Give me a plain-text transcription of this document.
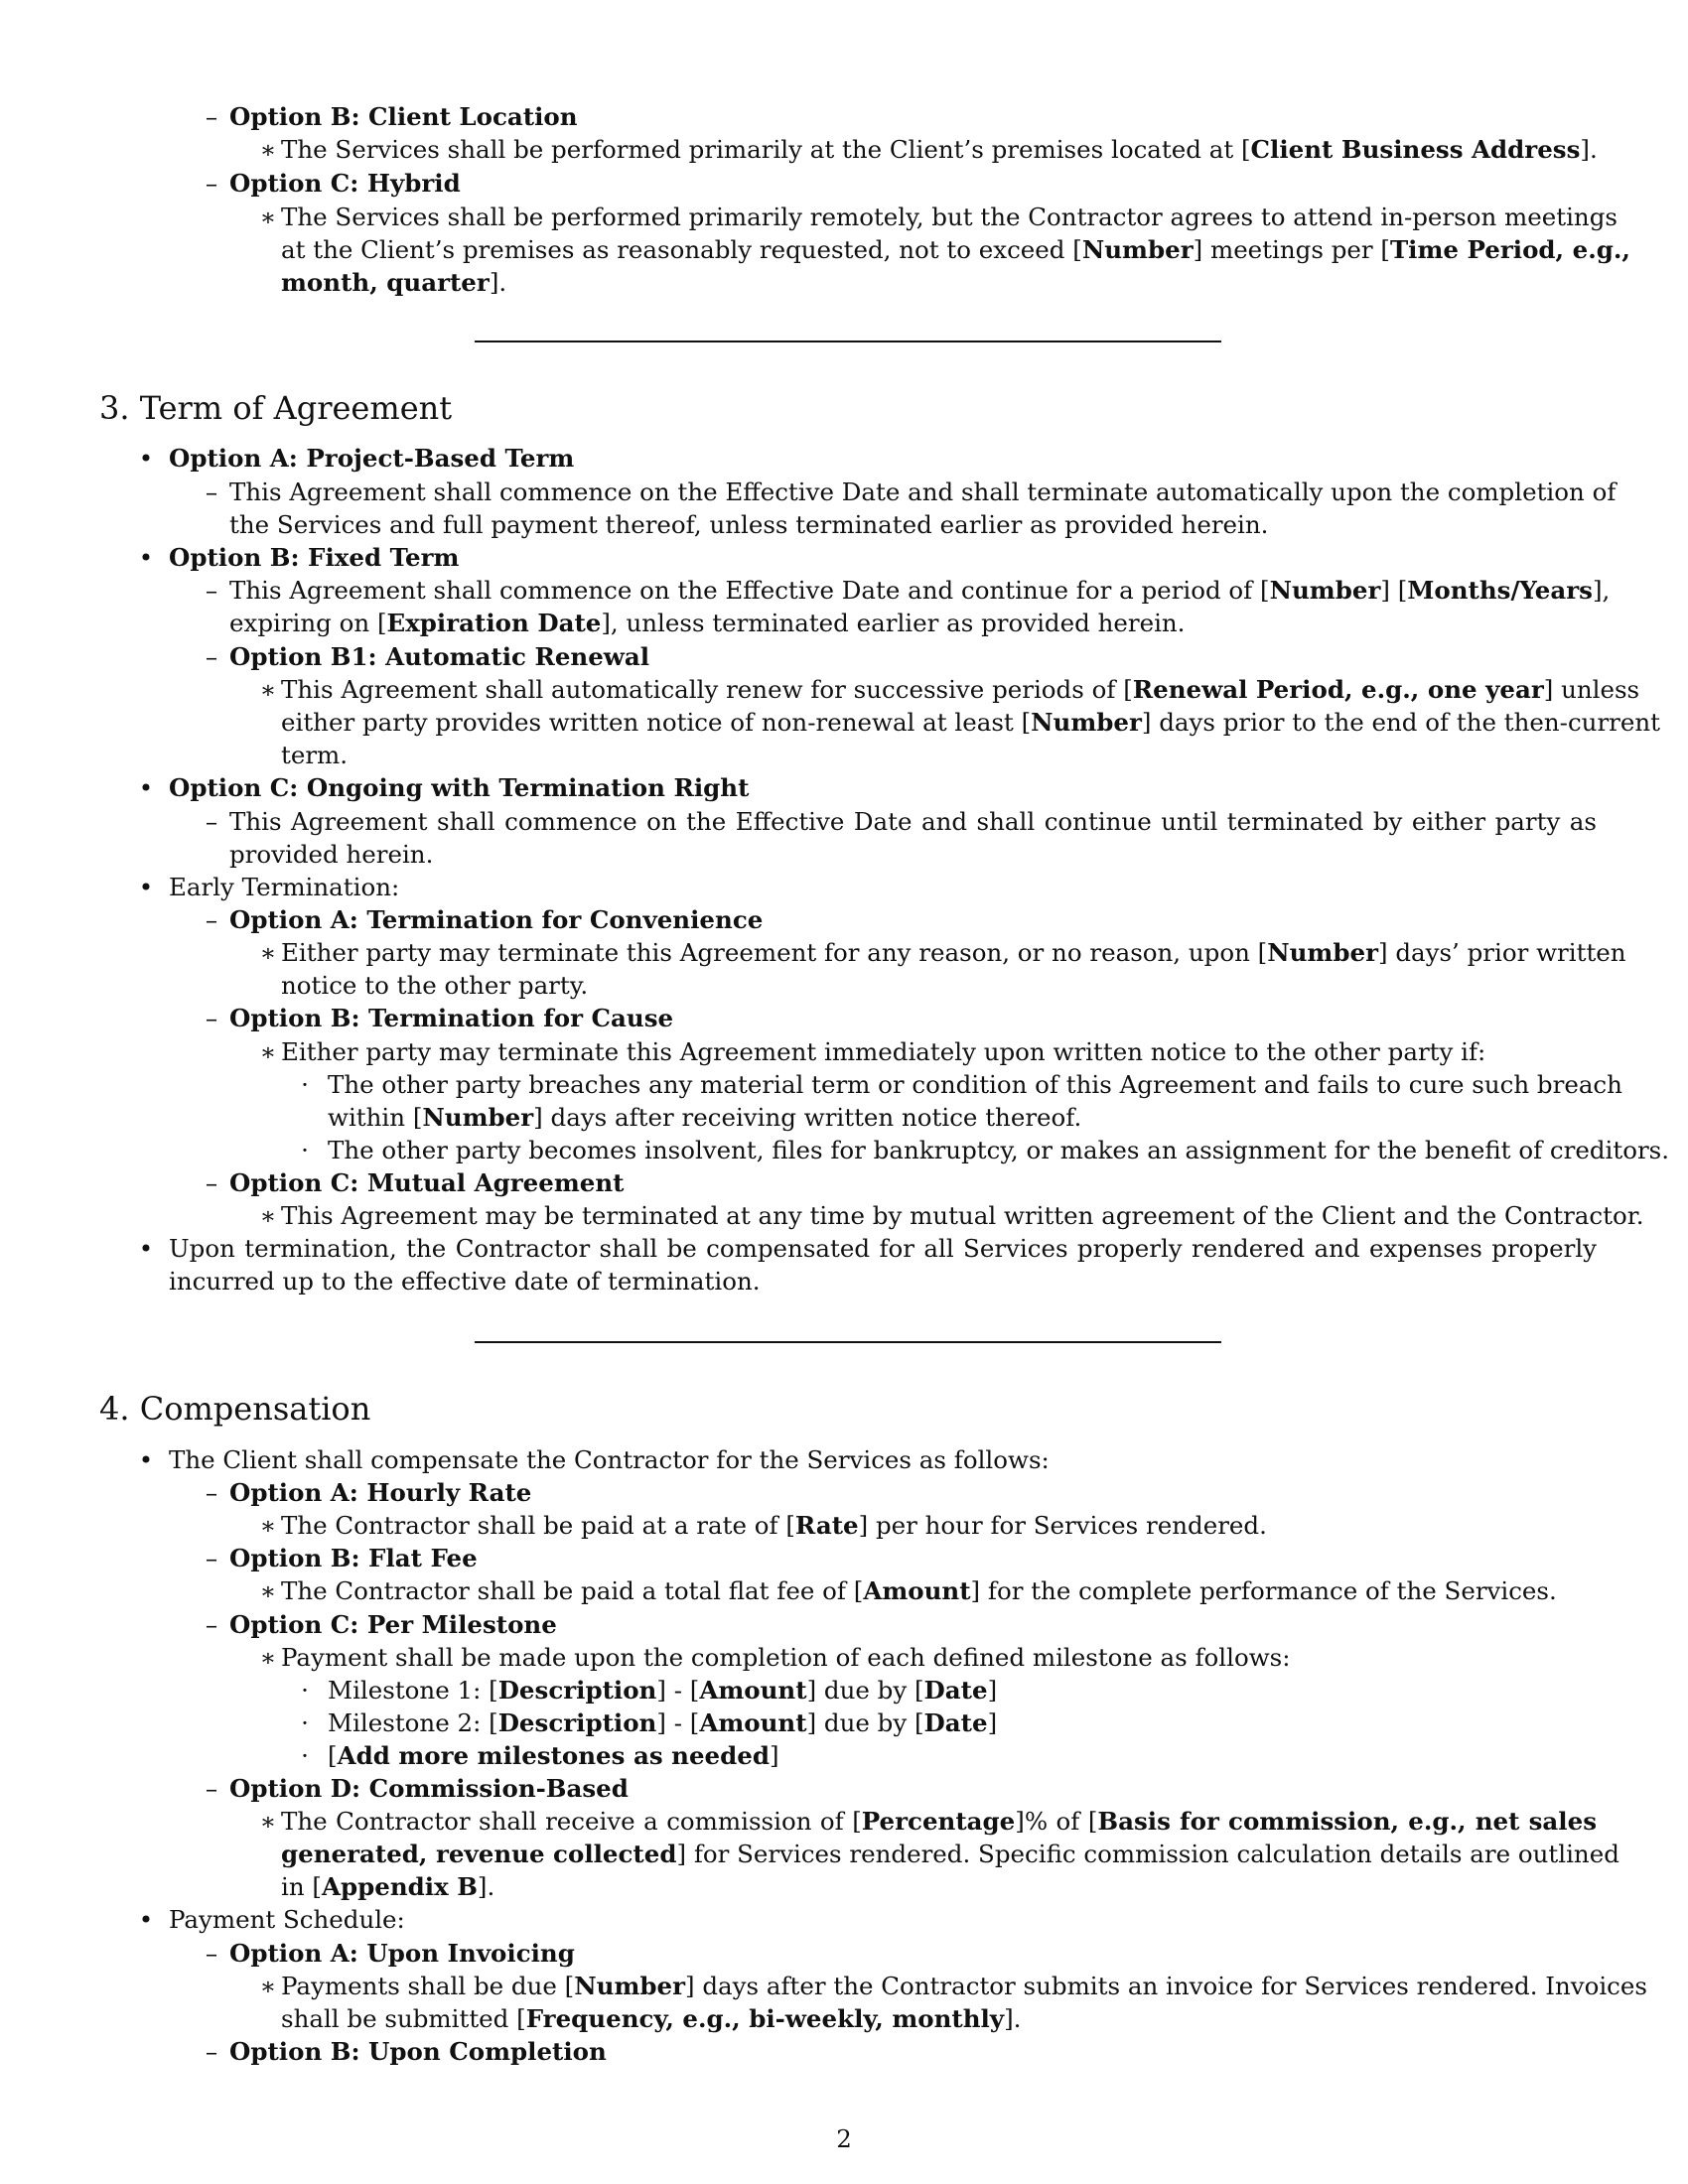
– Option B: Client Location
∗ The Services shall be performed primarily at the Client’s premises located at [Client Business Address].
– Option C: Hybrid
∗ The Services shall be performed primarily remotely, but the Contractor agrees to attend in-person meetings
at the Client’s premises as reasonably requested, not to exceed [Number] meetings per [Time Period, e.g.,
month, quarter].
3. Term of Agreement
• Option A: Project-Based Term
– This Agreement shall commence on the Effective Date and shall terminate automatically upon the completion of
the Services and full payment thereof, unless terminated earlier as provided herein.
• Option B: Fixed Term
– This Agreement shall commence on the Effective Date and continue for a period of [Number] [Months/Years],
expiring on [Expiration Date], unless terminated earlier as provided herein.
– Option B1: Automatic Renewal
∗ This Agreement shall automatically renew for successive periods of [Renewal Period, e.g., one year] unless
either party provides written notice of non-renewal at least [Number] days prior to the end of the then-current
term.
• Option C: Ongoing with Termination Right
– This Agreement shall commence on the Effective Date and shall continue until terminated by either party as
provided herein.
• Early Termination:
– Option A: Termination for Convenience
∗ Either party may terminate this Agreement for any reason, or no reason, upon [Number] days’ prior written
notice to the other party.
– Option B: Termination for Cause
∗ Either party may terminate this Agreement immediately upon written notice to the other party if:
· The other party breaches any material term or condition of this Agreement and fails to cure such breach
within [Number] days after receiving written notice thereof.
· The other party becomes insolvent, files for bankruptcy, or makes an assignment for the benefit of creditors.
– Option C: Mutual Agreement
∗ This Agreement may be terminated at any time by mutual written agreement of the Client and the Contractor.
• Upon termination, the Contractor shall be compensated for all Services properly rendered and expenses properly
incurred up to the effective date of termination.
4. Compensation
• The Client shall compensate the Contractor for the Services as follows:
– Option A: Hourly Rate
∗ The Contractor shall be paid at a rate of [Rate] per hour for Services rendered.
– Option B: Flat Fee
∗ The Contractor shall be paid a total flat fee of [Amount] for the complete performance of the Services.
– Option C: Per Milestone
∗ Payment shall be made upon the completion of each defined milestone as follows:
· Milestone 1: [Description] - [Amount] due by [Date]
· Milestone 2: [Description] - [Amount] due by [Date]
· [Add more milestones as needed]
– Option D: Commission-Based
∗ The Contractor shall receive a commission of [Percentage]% of [Basis for commission, e.g., net sales
generated, revenue collected] for Services rendered. Specific commission calculation details are outlined
in [Appendix B].
• Payment Schedule:
– Option A: Upon Invoicing
∗ Payments shall be due [Number] days after the Contractor submits an invoice for Services rendered. Invoices
shall be submitted [Frequency, e.g., bi-weekly, monthly].
– Option B: Upon Completion
2
